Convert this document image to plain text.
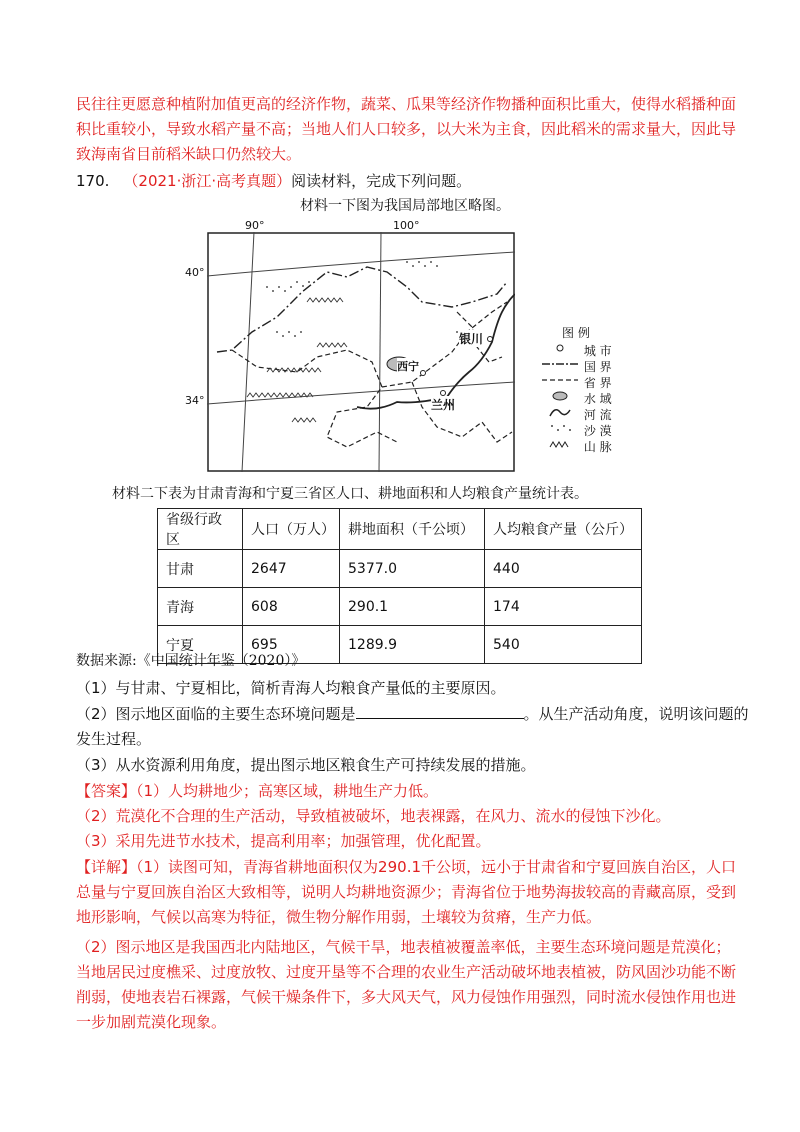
民往往更愿意种植附加值更高的经济作物，蔬菜、瓜果等经济作物播种面积比重大，使得水稻播种面积比重较小，导致水稻产量不高；当地人们人口较多，以大米为主食，因此稻米的需求量大，因此导致海南省目前稻米缺口仍然较大。

170. （2021·浙江·高考真题）阅读材料，完成下列问题。

材料一下图为我国局部地区略图。

90°	100°
40°
34°
银川
西宁
兰州
图 例
城 市
国 界
省 界
水 域
河 流
沙 漠
山 脉

材料二下表为甘肃青海和宁夏三省区人口、耕地面积和人均粮食产量统计表。

省级行政区	人口（万人）	耕地面积（千公顷）	人均粮食产量（公斤）
甘肃	2647	5377.0	440
青海	608	290.1	174
宁夏	695	1289.9	540

数据来源:《中国统计年鉴（2020）》

（1）与甘肃、宁夏相比，简析青海人均粮食产量低的主要原因。

（2）图示地区面临的主要生态环境问题是	。从生产活动角度，说明该问题的

发生过程。

（3）从水资源利用角度，提出图示地区粮食生产可持续发展的措施。

【答案】（1）人均耕地少；高寒区域，耕地生产力低。

（2）荒漠化不合理的生产活动，导致植被破坏，地表裸露，在风力、流水的侵蚀下沙化。

（3）采用先进节水技术，提高利用率；加强管理，优化配置。

【详解】（1）读图可知，青海省耕地面积仅为290.1千公顷，远小于甘肃省和宁夏回族自治区，人口总量与宁夏回族自治区大致相等，说明人均耕地资源少；青海省位于地势海拔较高的青藏高原，受到地形影响，气候以高寒为特征，微生物分解作用弱，土壤较为贫瘠，生产力低。

（2）图示地区是我国西北内陆地区，气候干旱，地表植被覆盖率低，主要生态环境问题是荒漠化；当地居民过度樵采、过度放牧、过度开垦等不合理的农业生产活动破坏地表植被，防风固沙功能不断削弱，使地表岩石裸露，气候干燥条件下，多大风天气，风力侵蚀作用强烈，同时流水侵蚀作用也进一步加剧荒漠化现象。
